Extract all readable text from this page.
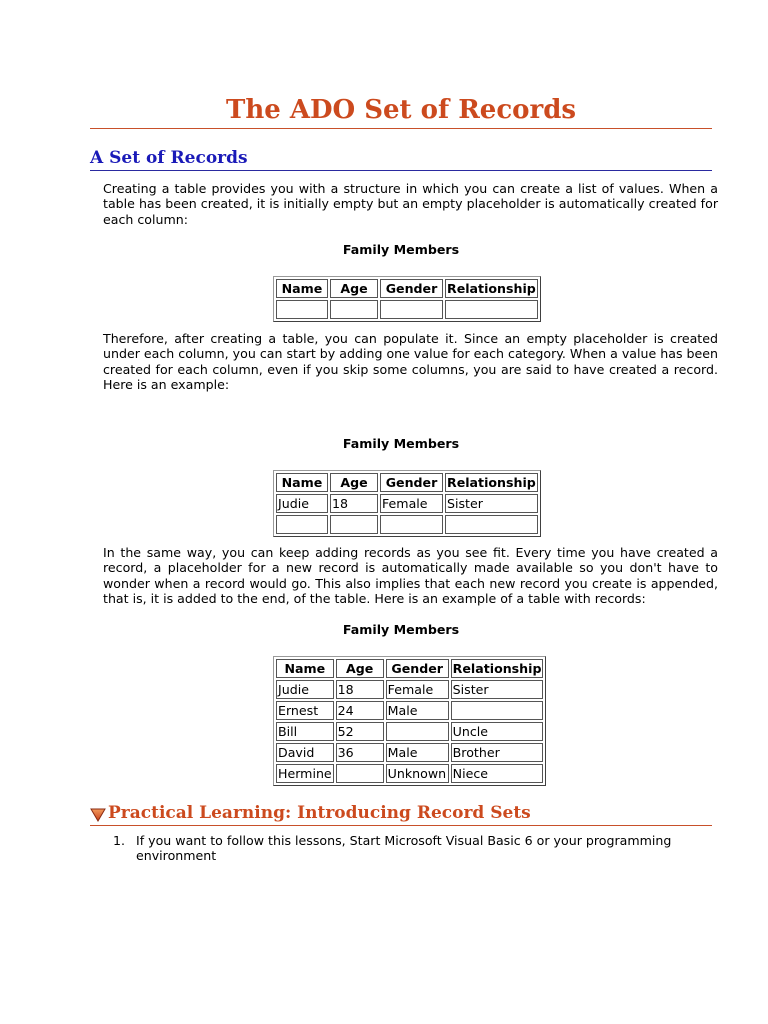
The ADO Set of Records
A Set of Records

Creating a table provides you with a structure in which you can create a list of values. When a table has been created, it is initially empty but an empty placeholder is automatically created for each column:

Family Members

Name	Age	Gender	Relationship

Therefore, after creating a table, you can populate it. Since an empty placeholder is created under each column, you can start by adding one value for each category. When a value has been created for each column, even if you skip some columns, you are said to have created a record. Here is an example:

Family Members

Name	Age	Gender	Relationship
Judie	18	Female	Sister

In the same way, you can keep adding records as you see fit. Every time you have created a record, a placeholder for a new record is automatically made available so you don't have to wonder when a record would go. This also implies that each new record you create is appended, that is, it is added to the end, of the table. Here is an example of a table with records:

Family Members

Name	Age	Gender	Relationship
Judie	18	Female	Sister
Ernest	24	Male	
Bill	52		Uncle
David	36	Male	Brother
Hermine		Unknown	Niece
Practical Learning: Introducing Record Sets
1. If you want to follow this lessons, Start Microsoft Visual Basic 6 or your programming environment
